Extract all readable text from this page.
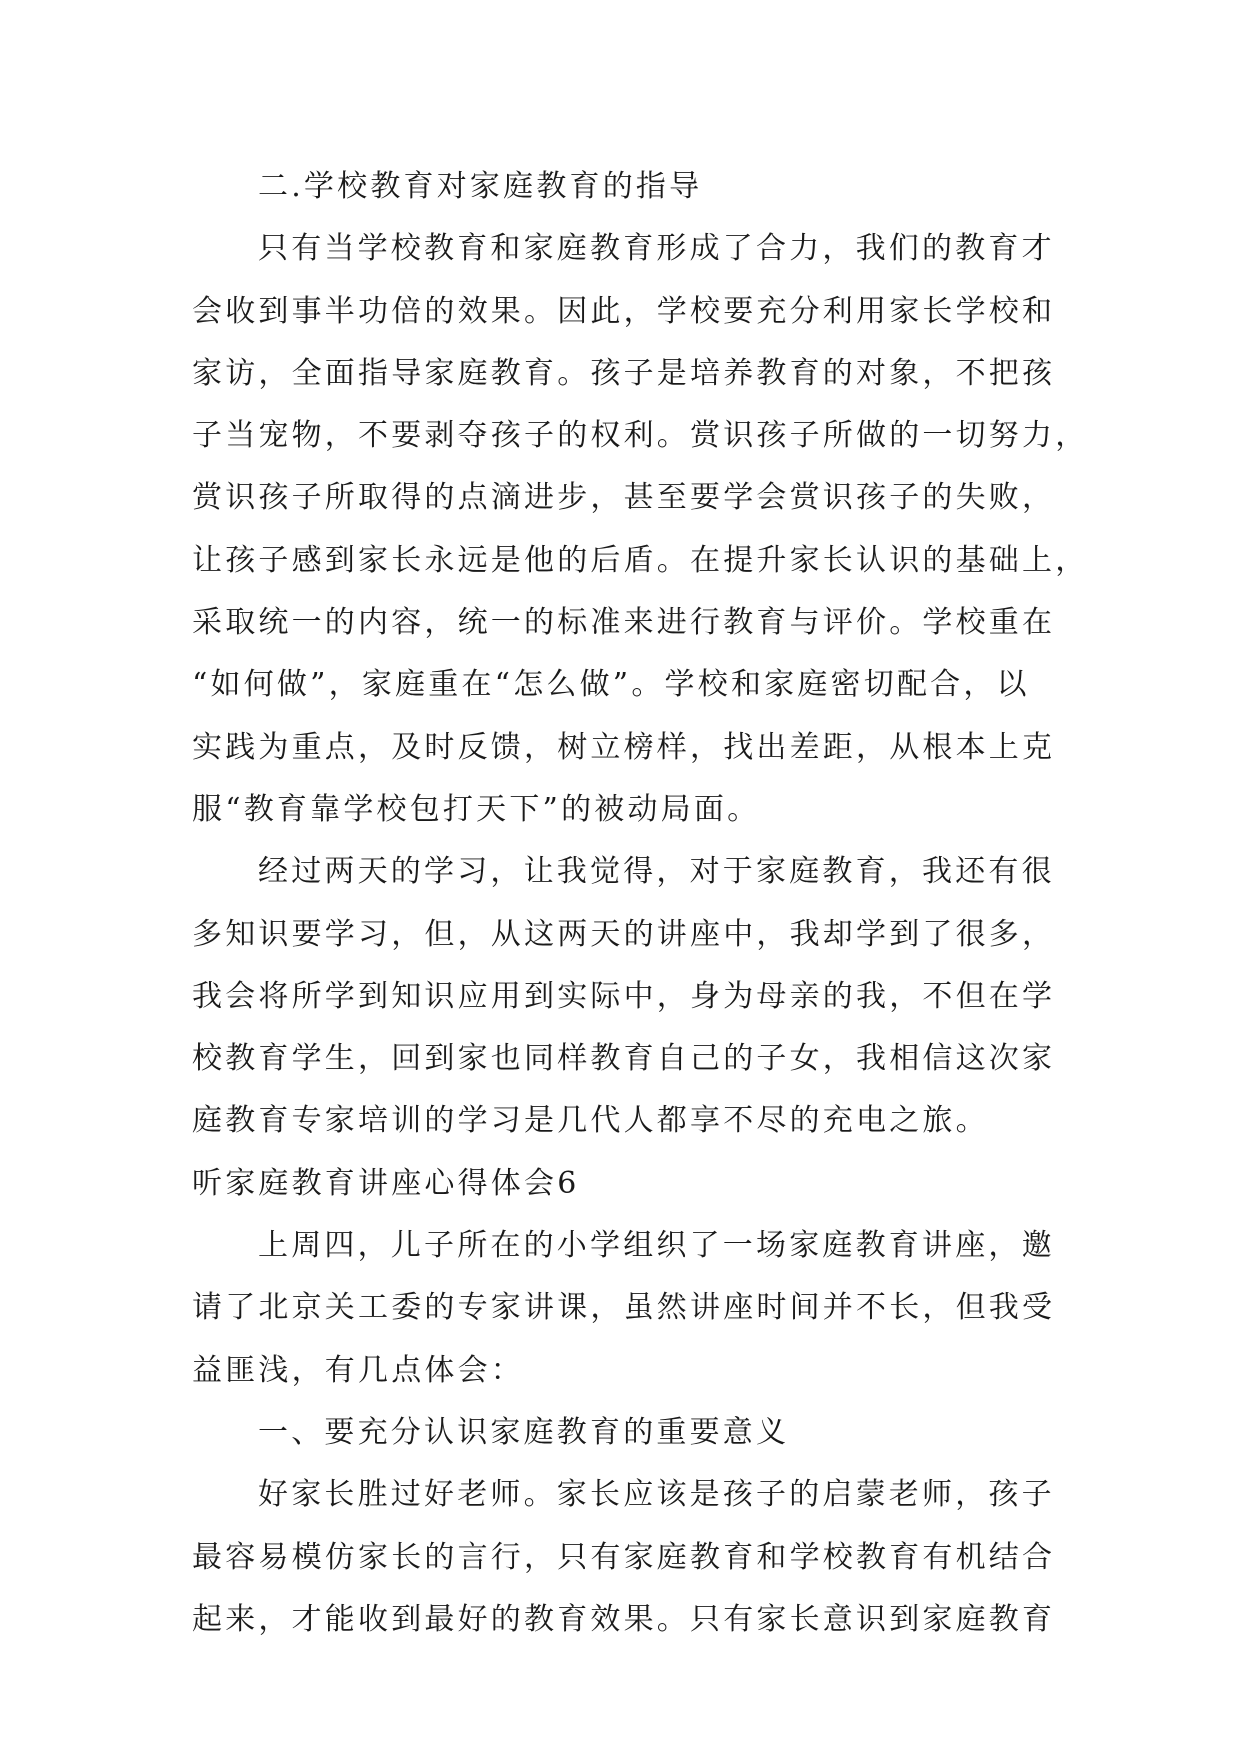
二.学校教育对家庭教育的指导
只有当学校教育和家庭教育形成了合力，我们的教育才
会收到事半功倍的效果。因此，学校要充分利用家长学校和
家访，全面指导家庭教育。孩子是培养教育的对象，不把孩
子当宠物，不要剥夺孩子的权利。赏识孩子所做的一切努力，
赏识孩子所取得的点滴进步，甚至要学会赏识孩子的失败，
让孩子感到家长永远是他的后盾。在提升家长认识的基础上，
采取统一的内容，统一的标准来进行教育与评价。学校重在
“如何做”，家庭重在“怎么做”。学校和家庭密切配合，以
实践为重点，及时反馈，树立榜样，找出差距，从根本上克
服“教育靠学校包打天下”的被动局面。
经过两天的学习，让我觉得，对于家庭教育，我还有很
多知识要学习，但，从这两天的讲座中，我却学到了很多，
我会将所学到知识应用到实际中，身为母亲的我，不但在学
校教育学生，回到家也同样教育自己的子女，我相信这次家
庭教育专家培训的学习是几代人都享不尽的充电之旅。
听家庭教育讲座心得体会6
上周四，儿子所在的小学组织了一场家庭教育讲座，邀
请了北京关工委的专家讲课，虽然讲座时间并不长，但我受
益匪浅，有几点体会：
一、要充分认识家庭教育的重要意义
好家长胜过好老师。家长应该是孩子的启蒙老师，孩子
最容易模仿家长的言行，只有家庭教育和学校教育有机结合
起来，才能收到最好的教育效果。只有家长意识到家庭教育
